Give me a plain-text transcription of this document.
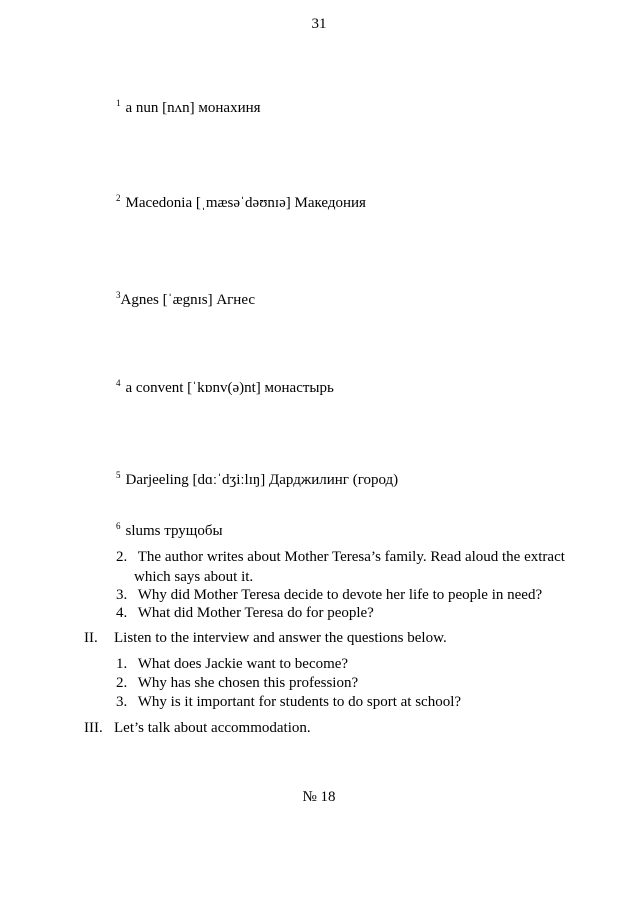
31
$^1$ a nun [nʌn] монахиня
$^2$ Macedonia [ˌmæsəˈdəʊnɪə] Македония
$^3$Agnes [ˈægnɪs] Агнес
$^4$ a convent [ˈkɒnv(ə)nt] монастырь
$^5$ Darjeeling [dɑːˈdʒiːlɪŋ] Дарджилинг (город)
$^6$ slums трущобы
2. The author writes about Mother Teresa’s family. Read aloud the extract
which says about it.
3. Why did Mother Teresa decide to devote her life to people in need?
4. What did Mother Teresa do for people?
II. Listen to the interview and answer the questions below.
1. What does Jackie want to become?
2. Why has she chosen this profession?
3. Why is it important for students to do sport at school?
III. Let’s talk about accommodation.
№ 18
